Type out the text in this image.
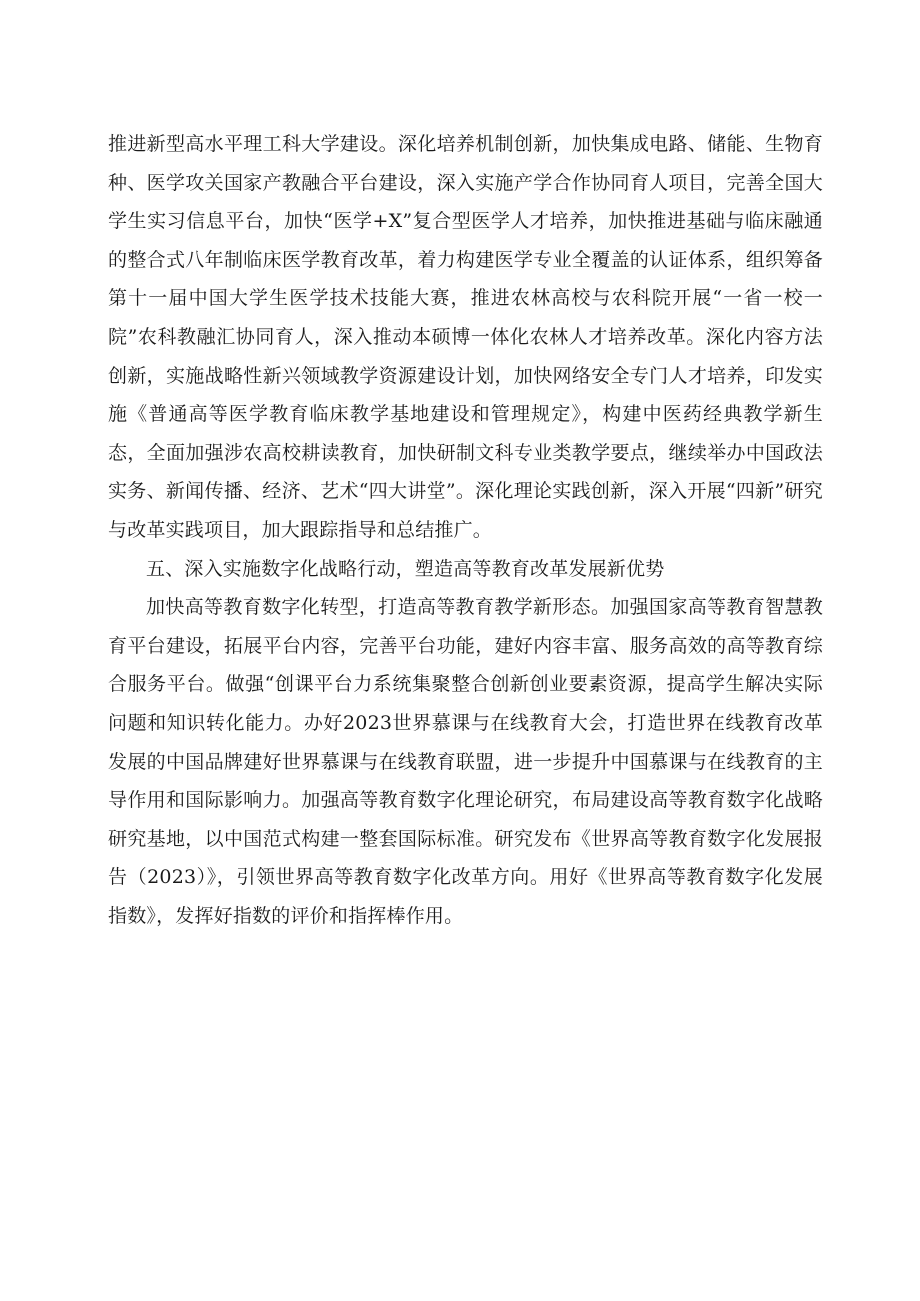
推进新型高水平理工科大学建设。深化培养机制创新，加快集成电路、储能、生物育种、医学攻关国家产教融合平台建设，深入实施产学合作协同育人项目，完善全国大学生实习信息平台，加快“医学+X”复合型医学人才培养，加快推进基础与临床融通的整合式八年制临床医学教育改革，着力构建医学专业全覆盖的认证体系，组织筹备第十一届中国大学生医学技术技能大赛，推进农林高校与农科院开展“一省一校一院”农科教融汇协同育人，深入推动本硕博一体化农林人才培养改革。深化内容方法创新，实施战略性新兴领域教学资源建设计划，加快网络安全专门人才培养，印发实施《普通高等医学教育临床教学基地建设和管理规定》，构建中医药经典教学新生态，全面加强涉农高校耕读教育，加快研制文科专业类教学要点，继续举办中国政法实务、新闻传播、经济、艺术“四大讲堂”。深化理论实践创新，深入开展“四新”研究与改革实践项目，加大跟踪指导和总结推广。

五、深入实施数字化战略行动，塑造高等教育改革发展新优势

加快高等教育数字化转型，打造高等教育教学新形态。加强国家高等教育智慧教育平台建设，拓展平台内容，完善平台功能，建好内容丰富、服务高效的高等教育综合服务平台。做强“创课平台力系统集聚整合创新创业要素资源，提高学生解决实际问题和知识转化能力。办好2023世界慕课与在线教育大会，打造世界在线教育改革发展的中国品牌建好世界慕课与在线教育联盟，进一步提升中国慕课与在线教育的主导作用和国际影响力。加强高等教育数字化理论研究，布局建设高等教育数字化战略研究基地，以中国范式构建一整套国际标准。研究发布《世界高等教育数字化发展报告（2023）》，引领世界高等教育数字化改革方向。用好《世界高等教育数字化发展指数》，发挥好指数的评价和指挥棒作用。
